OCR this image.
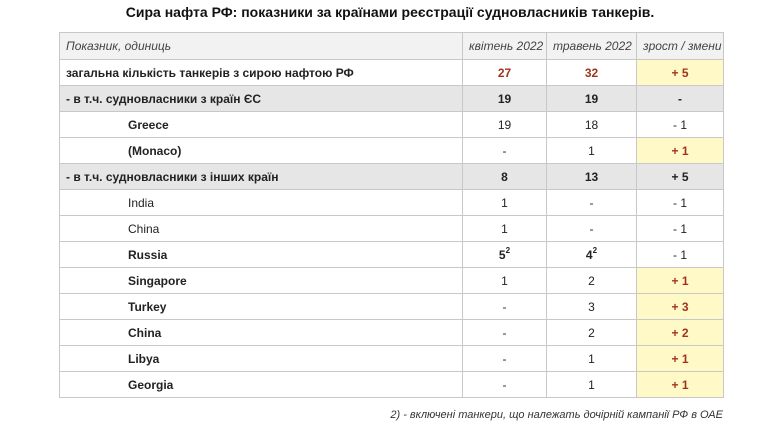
Сира нафта РФ: показники за країнами реєстрації судновласників танкерів.
Показник, одиниць	квітень 2022	травень 2022	зрост / змени
загальна кількість танкерів з сирою нафтою РФ	27	32	+ 5
- в т.ч. судновласники з країн ЄС	19	19	-
Greece	19	18	- 1
(Monaco)	-	1	+ 1
- в т.ч. судновласники з інших країн	8	13	+ 5
India	1	-	- 1
China	1	-	- 1
Russia	$5^2$	$4^2$	- 1
Singapore	1	2	+ 1
Turkey	-	3	+ 3
China	-	2	+ 2
Libya	-	1	+ 1
Georgia	-	1	+ 1
2) - включені танкери, що належать дочірній кампанії РФ в ОАЕ
